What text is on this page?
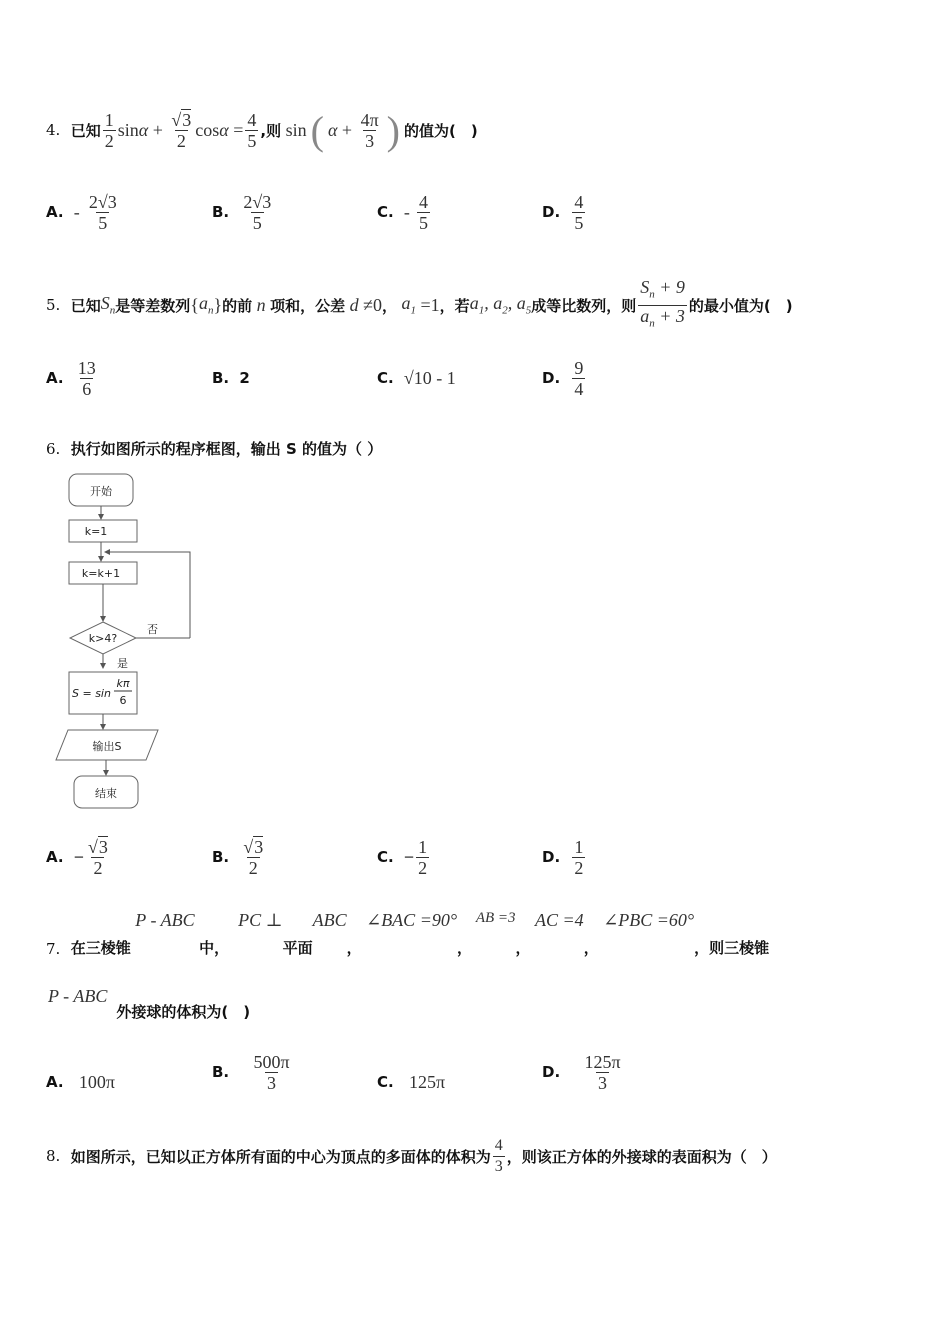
4.
已知 $\frac{1}{2}$ $\sin \alpha + \frac{√3}{2}$ $\cos \alpha = \frac{4}{5}$ ,则 sin ( $\alpha + \frac{4\pi}{3}$ ) 的值为(　)
A.
-
$\frac{2√3}{5}$	B.
$\frac{2√3}{5}$	C.
-
$\frac{4}{5}$	D.
$\frac{4}{5}$
5.
已知 $S_n$ 是等差数列 { $a_n$ } 的前 n 项和，公差 d ≠0 ， $a_1 =1$ ，若 $a_1$, $a_2$, $a_5$ 成等比数列，则 $\frac{S_n + 9}{a_n + 3}$ 的最小值为(　)
A.
$\frac{13}{6}$	B.
2	C.
√10 - 1	D.
$\frac{9}{4}$
6. 执行如图所示的程序框图，输出 S 的值为（ ）
开始
k=1
k=k+1
k>4?
否
是
S = sin
kπ
6
输出S
结束
A.
− $\frac{√3}{2}$	B.
$\frac{√3}{2}$	C.
− $\frac{1}{2}$	D.
$\frac{1}{2}$
7.
在三棱锥
P - ABC
中，
PC ⊥
平面
ABC
，
∠BAC =90°
，
AB =3
，
AC =4
，
∠PBC =60°
，则三棱锥
P - ABC
外接球的体积为(　)
A.
100π	B.
$\frac{500\pi}{3}$	C.
125π	D.
$\frac{125\pi}{3}$
8.
如图所示，已知以正方体所有面的中心为顶点的多面体的体积为 $\frac{4}{3}$ ，则该正方体的外接球的表面积为（　）
